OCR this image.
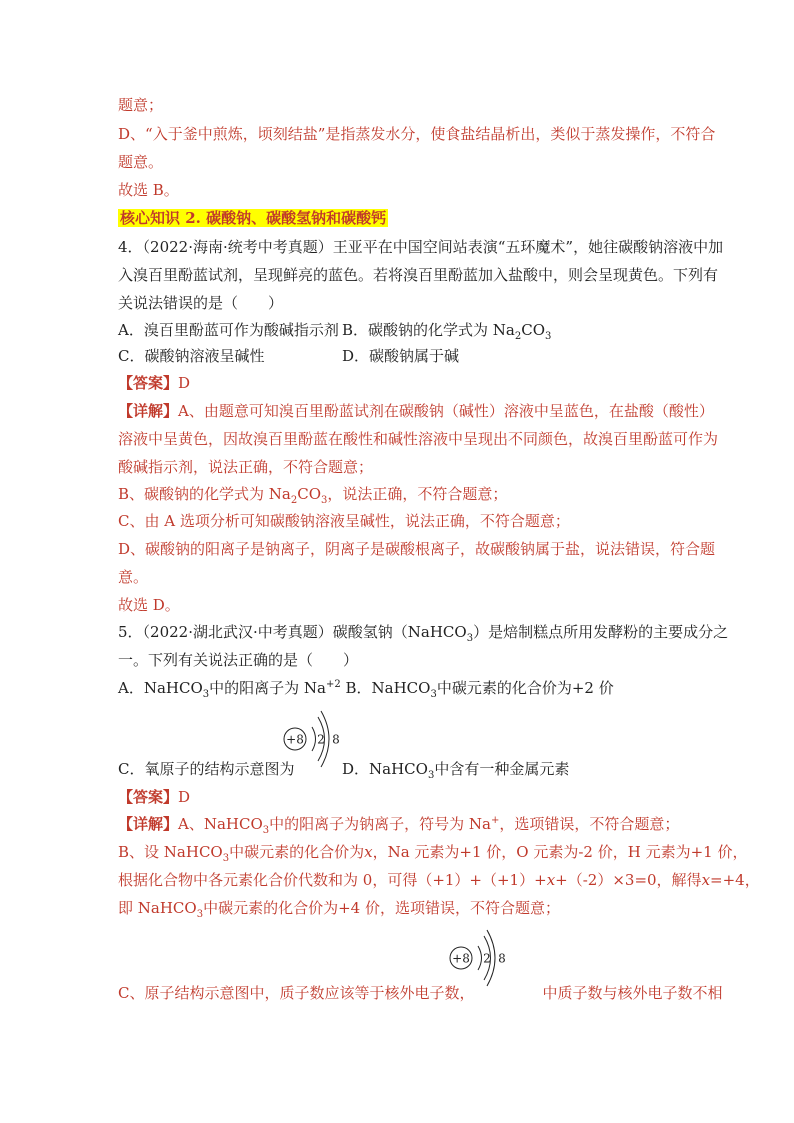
题意；
D、“入于釜中煎炼，顷刻结盐”是指蒸发水分，使食盐结晶析出，类似于蒸发操作，不符合
题意。
故选 B。
核心知识 2. 碳酸钠、碳酸氢钠和碳酸钙
4．（2022·海南·统考中考真题）王亚平在中国空间站表演“五环魔术”，她往碳酸钠溶液中加
入溴百里酚蓝试剂，呈现鲜亮的蓝色。若将溴百里酚蓝加入盐酸中，则会呈现黄色。下列有
关说法错误的是（　　）
A．溴百里酚蓝可作为酸碱指示剂 B．碳酸钠的化学式为 $Na_2CO_3$
C．碳酸钠溶液呈碱性	D．碳酸钠属于碱
【答案】D
【详解】A、由题意可知溴百里酚蓝试剂在碳酸钠（碱性）溶液中呈蓝色，在盐酸（酸性）
溶液中呈黄色，因故溴百里酚蓝在酸性和碱性溶液中呈现出不同颜色，故溴百里酚蓝可作为
酸碱指示剂，说法正确，不符合题意；
B、碳酸钠的化学式为 $Na_2CO_3$，说法正确，不符合题意；
C、由 A 选项分析可知碳酸钠溶液呈碱性，说法正确，不符合题意；
D、碳酸钠的阳离子是钠离子，阴离子是碳酸根离子，故碳酸钠属于盐，说法错误，符合题
意。
故选 D。
5．（2022·湖北武汉·中考真题）碳酸氢钠（NaHCO$_3$）是焙制糕点所用发酵粉的主要成分之
一。下列有关说法正确的是（　　）
A．NaHCO$_3$中的阳离子为 $Na^{+2}$ B．NaHCO$_3$中碳元素的化合价为+2 价
+8 2 8
C．氧原子的结构示意图为	D．NaHCO$_3$中含有一种金属元素
【答案】D
【详解】A、NaHCO$_3$中的阳离子为钠离子，符号为 Na+，选项错误，不符合题意；
B、设 NaHCO$_3$中碳元素的化合价为x，Na 元素为+1 价，O 元素为-2 价，H 元素为+1 价，
根据化合物中各元素化合价代数和为 0，可得（+1）+（+1）+x+（-2）×3=0，解得x=+4，
即 NaHCO$_3$中碳元素的化合价为+4 价，选项错误，不符合题意；
+8 2 8
C、原子结构示意图中，质子数应该等于核外电子数，	中质子数与核外电子数不相
